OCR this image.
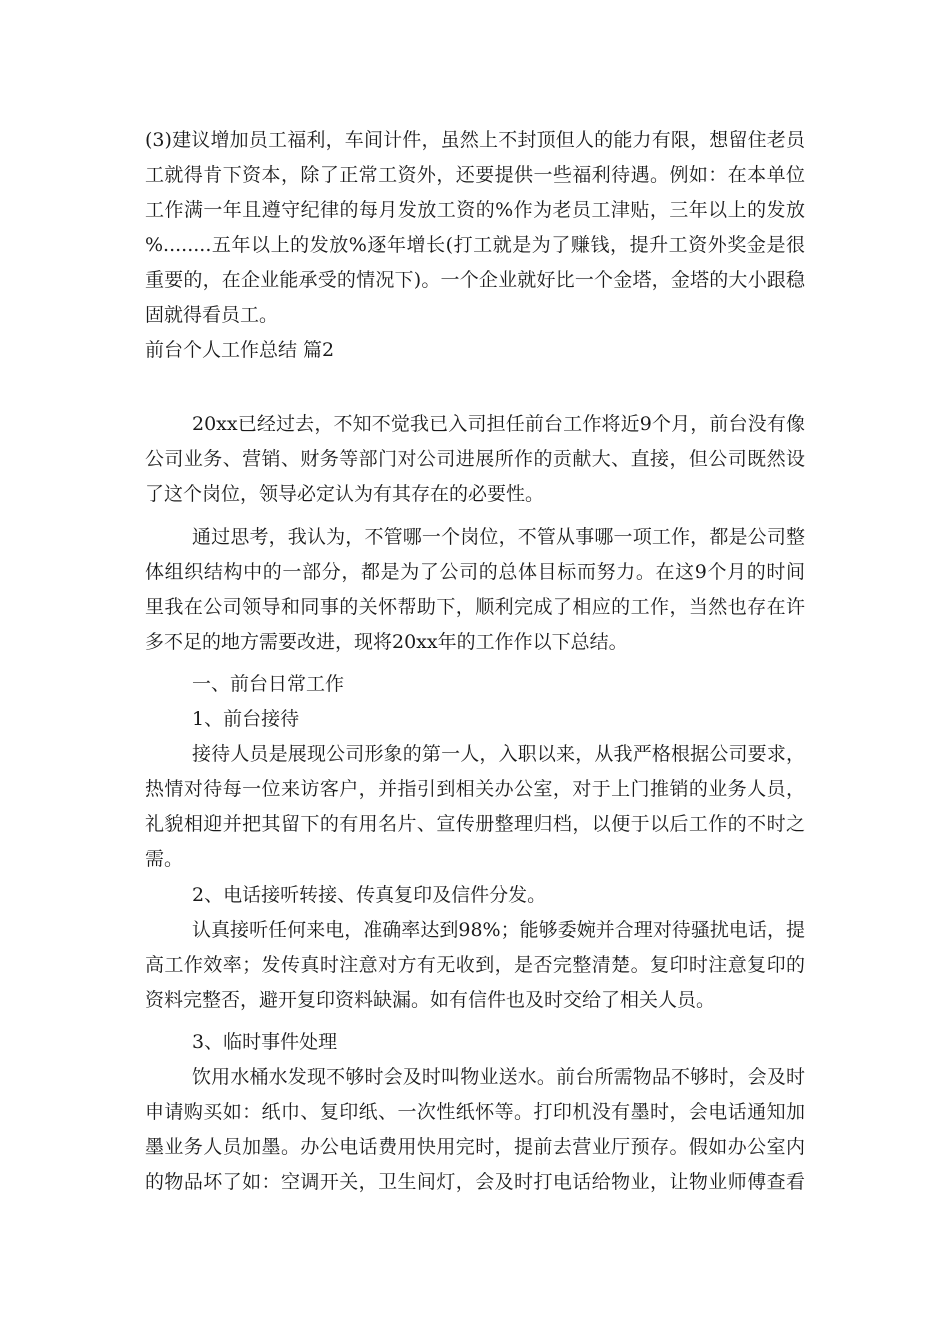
(3)建议增加员工福利，车间计件，虽然上不封顶但人的能力有限，想留住老员
工就得肯下资本，除了正常工资外，还要提供一些福利待遇。例如：在本单位
工作满一年且遵守纪律的每月发放工资的%作为老员工津贴，三年以上的发放
%........五年以上的发放%逐年增长(打工就是为了赚钱，提升工资外奖金是很
重要的，在企业能承受的情况下)。一个企业就好比一个金塔，金塔的大小跟稳
固就得看员工。
前台个人工作总结 篇2
20xx已经过去，不知不觉我已入司担任前台工作将近9个月，前台没有像
公司业务、营销、财务等部门对公司进展所作的贡献大、直接，但公司既然设
了这个岗位，领导必定认为有其存在的必要性。
通过思考，我认为，不管哪一个岗位，不管从事哪一项工作，都是公司整
体组织结构中的一部分，都是为了公司的总体目标而努力。在这9个月的时间
里我在公司领导和同事的关怀帮助下，顺利完成了相应的工作，当然也存在许
多不足的地方需要改进，现将20xx年的工作作以下总结。
一、前台日常工作
1、前台接待
接待人员是展现公司形象的第一人，入职以来，从我严格根据公司要求，
热情对待每一位来访客户，并指引到相关办公室，对于上门推销的业务人员，
礼貌相迎并把其留下的有用名片、宣传册整理归档，以便于以后工作的不时之
需。
2、电话接听转接、传真复印及信件分发。
认真接听任何来电，准确率达到98%；能够委婉并合理对待骚扰电话，提
高工作效率；发传真时注意对方有无收到，是否完整清楚。复印时注意复印的
资料完整否，避开复印资料缺漏。如有信件也及时交给了相关人员。
3、临时事件处理
饮用水桶水发现不够时会及时叫物业送水。前台所需物品不够时，会及时
申请购买如：纸巾、复印纸、一次性纸怀等。打印机没有墨时，会电话通知加
墨业务人员加墨。办公电话费用快用完时，提前去营业厅预存。假如办公室内
的物品坏了如：空调开关，卫生间灯，会及时打电话给物业，让物业师傅查看
